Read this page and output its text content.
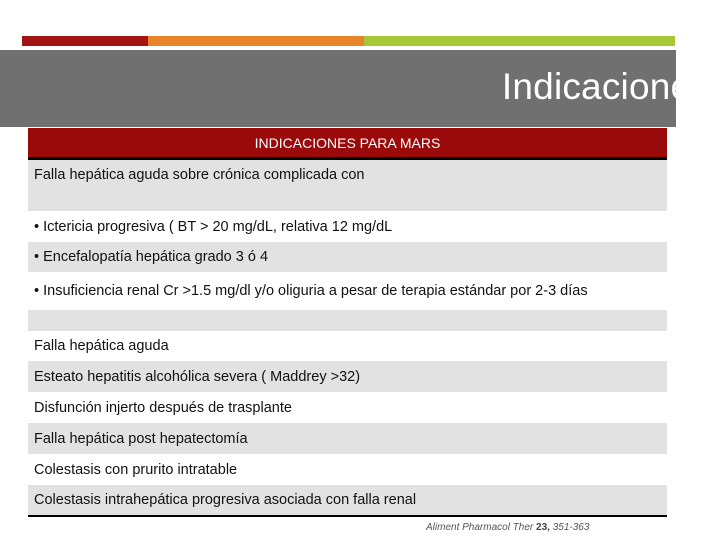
Indicaciones
INDICACIONES PARA MARS
Falla hepática aguda sobre crónica complicada con
• Ictericia progresiva ( BT > 20 mg/dL, relativa 12 mg/dL
• Encefalopatía hepática grado 3 ó 4
• Insuficiencia renal Cr >1.5 mg/dl y/o oliguria a pesar de terapia estándar por 2-3 días
Falla hepática aguda
Esteato hepatitis alcohólica severa ( Maddrey >32)
Disfunción injerto después de trasplante
Falla hepática post hepatectomía
Colestasis con prurito intratable
Colestasis intrahepática progresiva asociada con falla renal
Aliment Pharmacol Ther 23, 351-363
